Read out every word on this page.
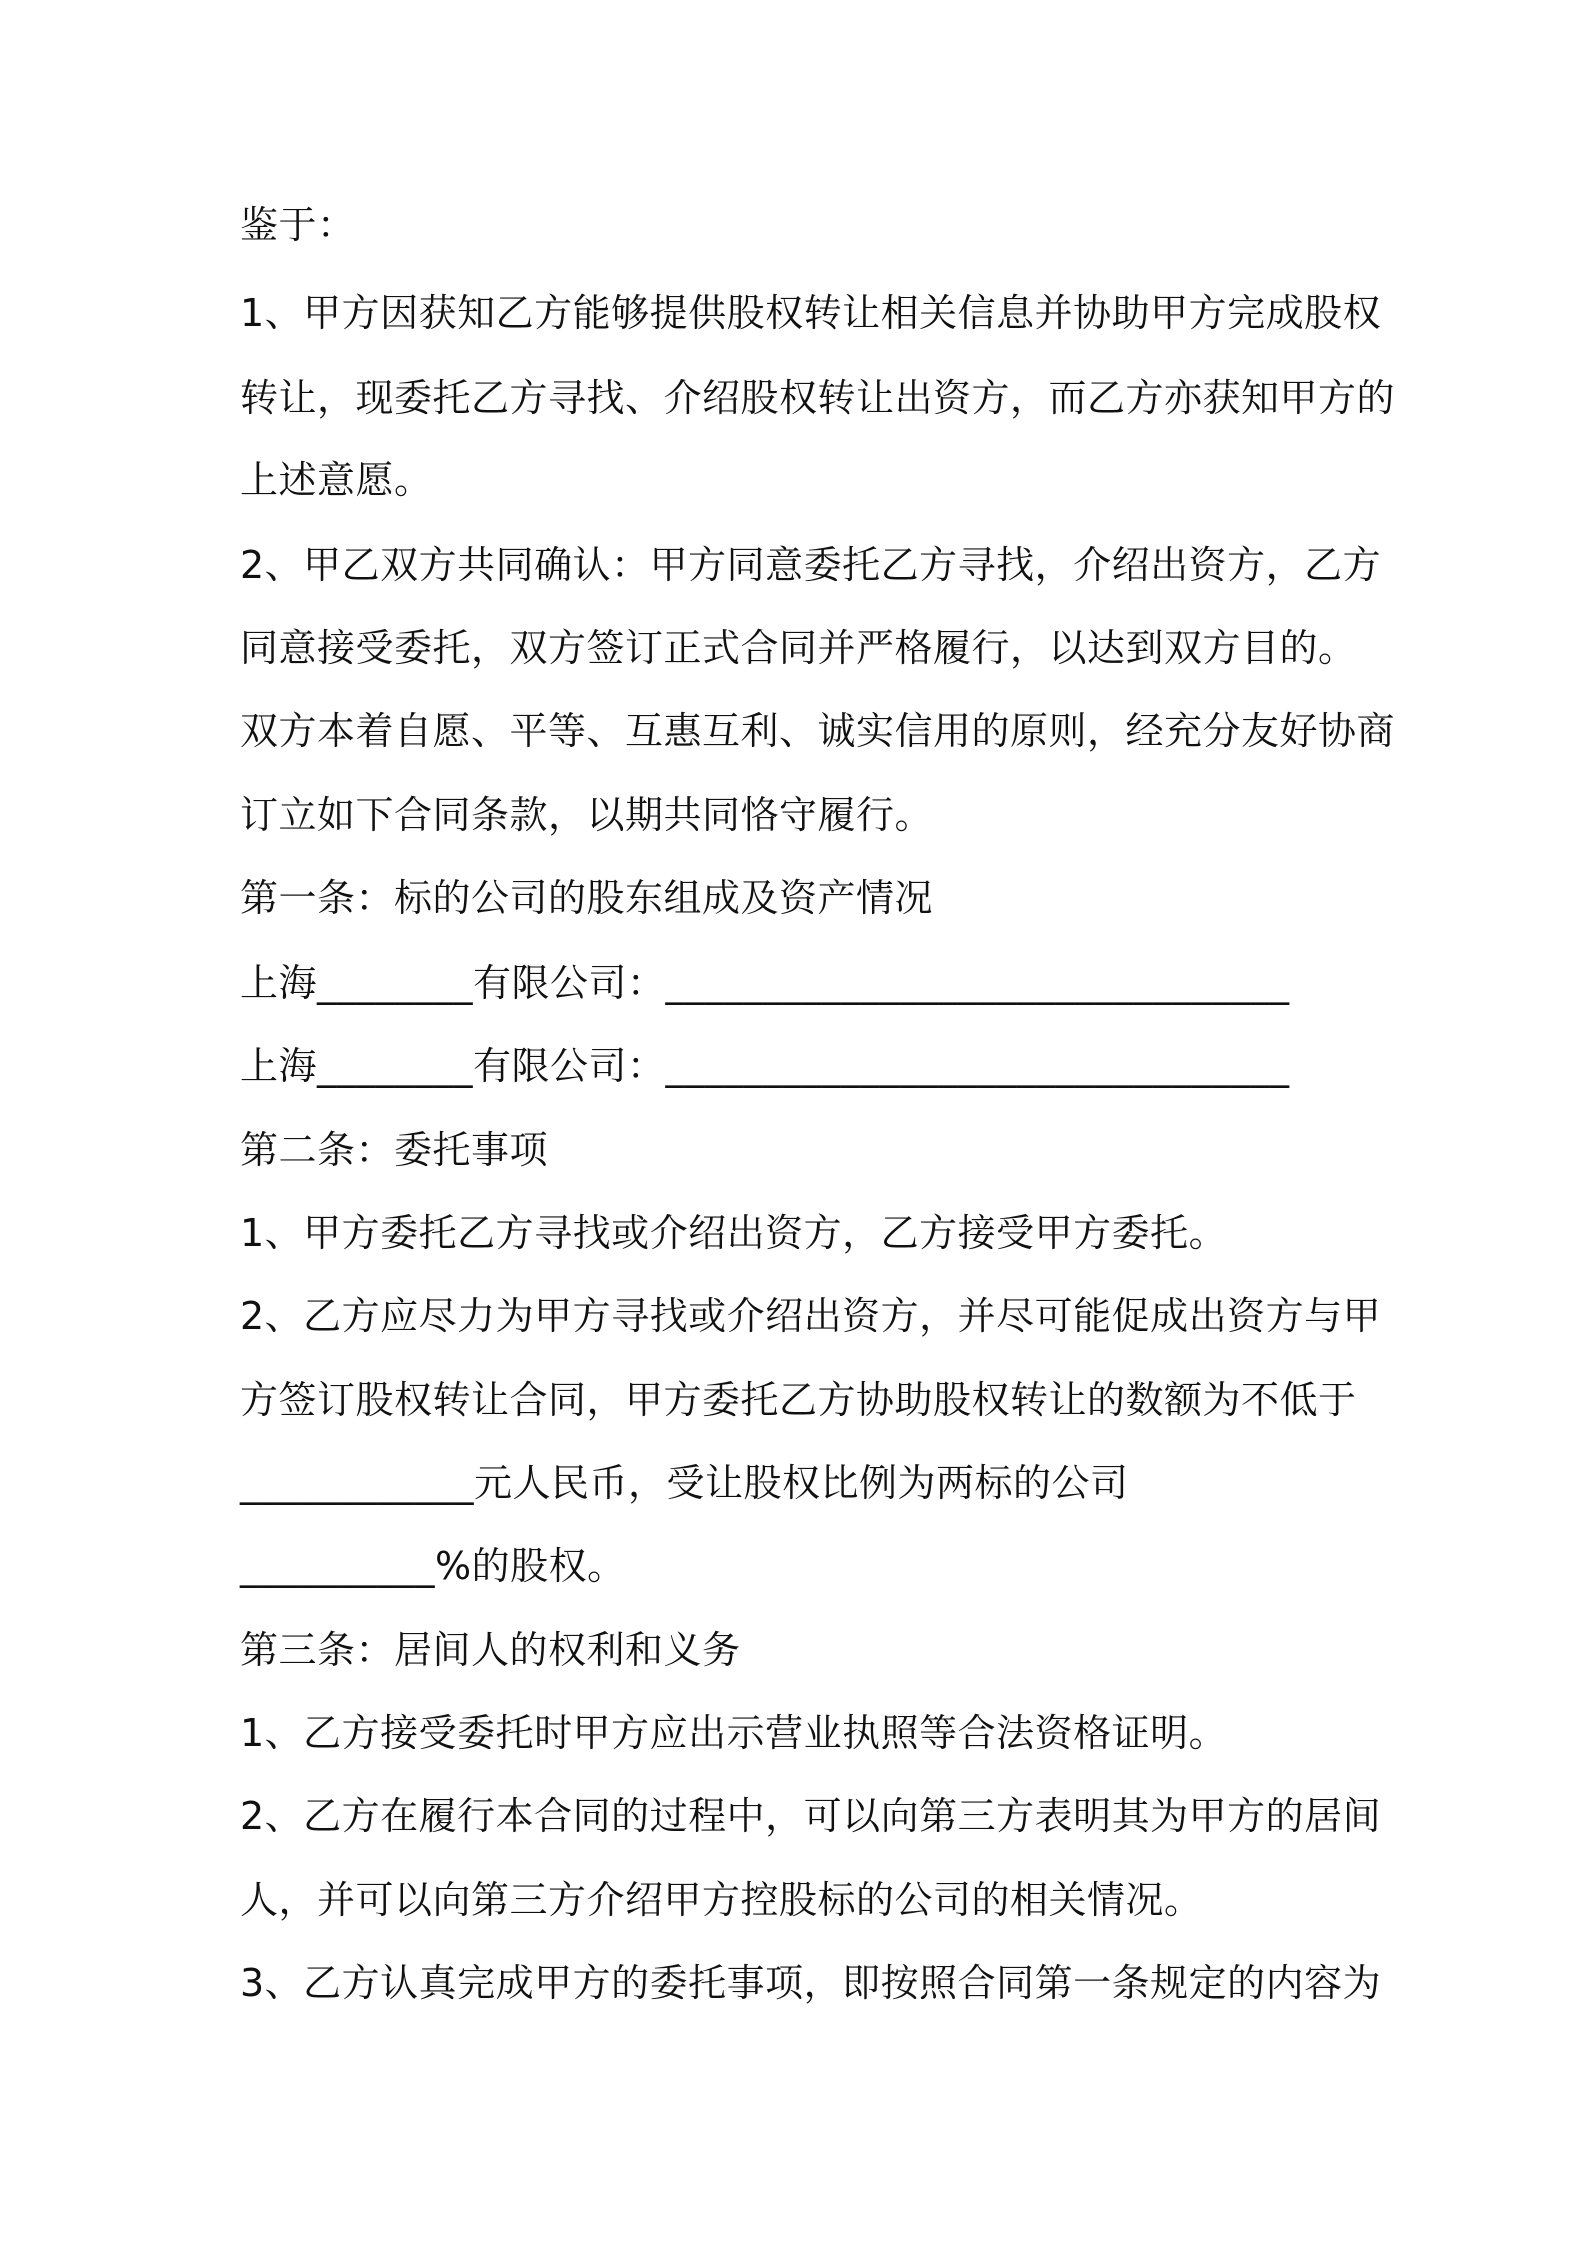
鉴于：
1、甲方因获知乙方能够提供股权转让相关信息并协助甲方完成股权
转让，现委托乙方寻找、介绍股权转让出资方，而乙方亦获知甲方的
上述意愿。
2、甲乙双方共同确认：甲方同意委托乙方寻找，介绍出资方，乙方
同意接受委托，双方签订正式合同并严格履行，以达到双方目的。
双方本着自愿、平等、互惠互利、诚实信用的原则，经充分友好协商
订立如下合同条款，以期共同恪守履行。
第一条：标的公司的股东组成及资产情况
上海________有限公司：________________________________
上海________有限公司：________________________________
第二条：委托事项
1、甲方委托乙方寻找或介绍出资方，乙方接受甲方委托。
2、乙方应尽力为甲方寻找或介绍出资方，并尽可能促成出资方与甲
方签订股权转让合同，甲方委托乙方协助股权转让的数额为不低于
____________元人民币，受让股权比例为两标的公司
__________%的股权。
第三条：居间人的权利和义务
1、乙方接受委托时甲方应出示营业执照等合法资格证明。
2、乙方在履行本合同的过程中，可以向第三方表明其为甲方的居间
人，并可以向第三方介绍甲方控股标的公司的相关情况。
3、乙方认真完成甲方的委托事项，即按照合同第一条规定的内容为
